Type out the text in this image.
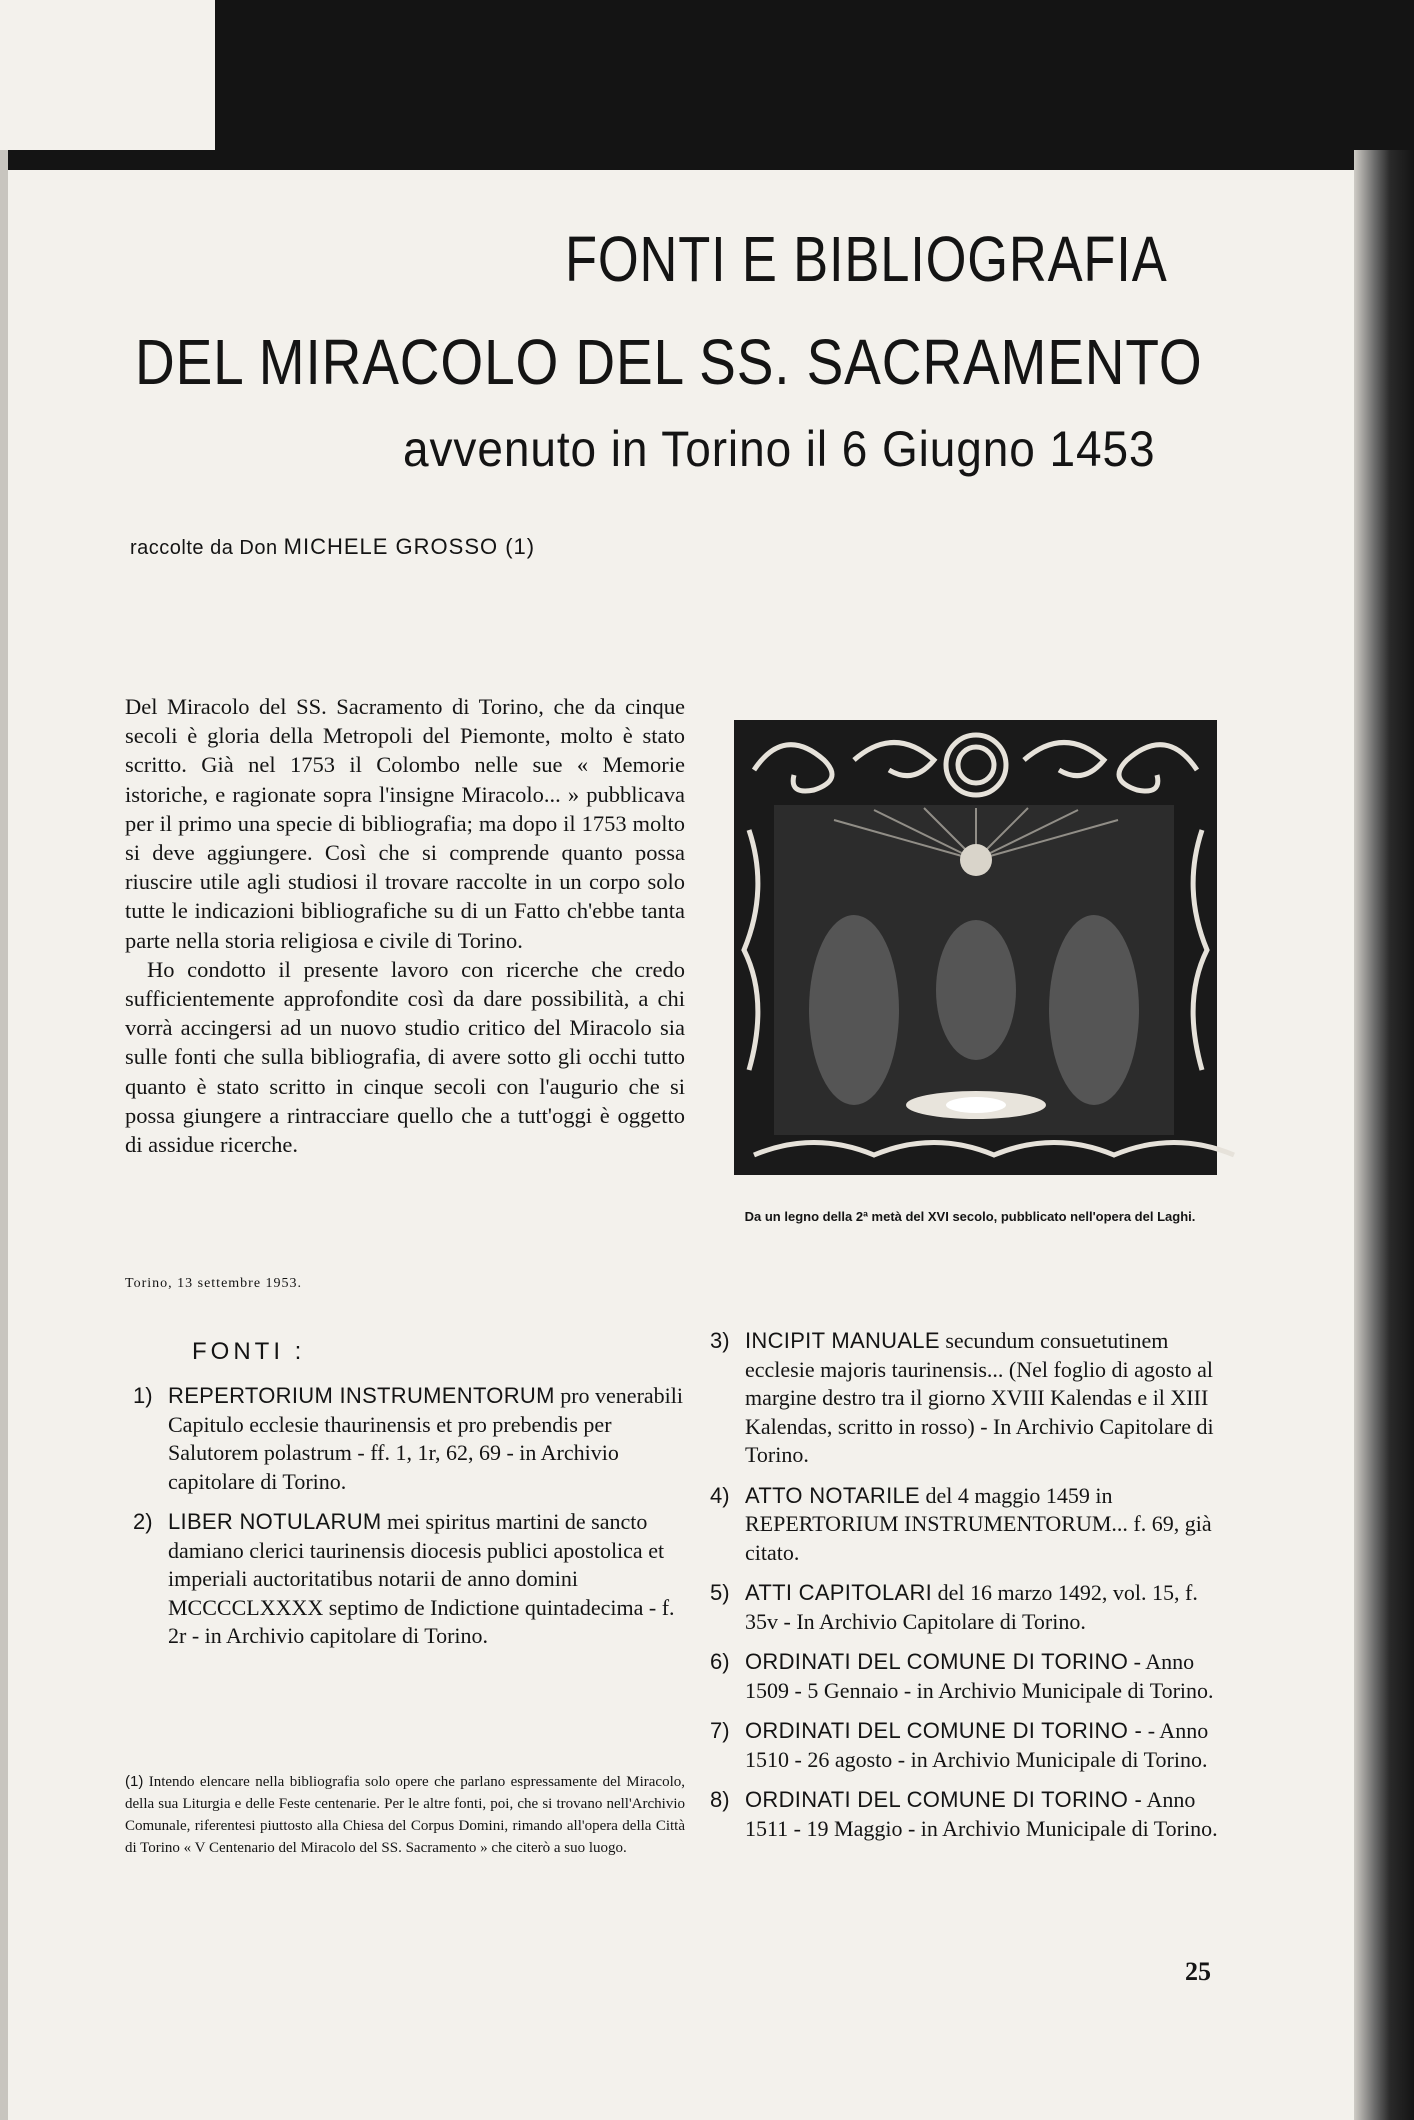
FONTI E BIBLIOGRAFIA
DEL MIRACOLO DEL SS. SACRAMENTO
avvenuto in Torino il 6 Giugno 1453
raccolte da Don MICHELE GROSSO (1)

Del Miracolo del SS. Sacramento di Torino, che da cinque secoli è gloria della Metropoli del Piemonte, molto è stato scritto. Già nel 1753 il Colombo nelle sue « Memorie istoriche, e ragionate sopra l'insigne Miracolo... » pubblicava per il primo una specie di bibliografia; ma dopo il 1753 molto si deve aggiungere. Così che si comprende quanto possa riuscire utile agli studiosi il trovare raccolte in un corpo solo tutte le indicazioni bibliografiche su di un Fatto ch'ebbe tanta parte nella storia religiosa e civile di Torino.

Ho condotto il presente lavoro con ricerche che credo sufficientemente approfondite così da dare possibilità, a chi vorrà accingersi ad un nuovo studio critico del Miracolo sia sulle fonti che sulla bibliografia, di avere sotto gli occhi tutto quanto è stato scritto in cinque secoli con l'augurio che si possa giungere a rintracciare quello che a tutt'oggi è oggetto di assidue ricerche.

Torino, 13 settembre 1953.
Da un legno della 2ª metà del XVI secolo, pubblicato nell'opera del Laghi.
FONTI :
1) REPERTORIUM INSTRUMENTORUM pro venerabili Capitulo ecclesie thaurinensis et pro prebendis per Salutorem polastrum - ff. 1, 1r, 62, 69 - in Archivio capitolare di Torino.
2) LIBER NOTULARUM mei spiritus martini de sancto damiano clerici taurinensis diocesis publici apostolica et imperiali auctoritatibus notarii de anno domini MCCCCLXXXX septimo de Indictione quintadecima - f. 2r - in Archivio capitolare di Torino.
3) INCIPIT MANUALE secundum consuetutinem ecclesie majoris taurinensis... (Nel foglio di agosto al margine destro tra il giorno XVIII Kalendas e il XIII Kalendas, scritto in rosso) - In Archivio Capitolare di Torino.
4) ATTO NOTARILE del 4 maggio 1459 in REPERTORIUM INSTRUMENTORUM... f. 69, già citato.
5) ATTI CAPITOLARI del 16 marzo 1492, vol. 15, f. 35v - In Archivio Capitolare di Torino.
6) ORDINATI DEL COMUNE DI TORINO - Anno 1509 - 5 Gennaio - in Archivio Municipale di Torino.
7) ORDINATI DEL COMUNE DI TORINO - - Anno 1510 - 26 agosto - in Archivio Municipale di Torino.
8) ORDINATI DEL COMUNE DI TORINO - Anno 1511 - 19 Maggio - in Archivio Municipale di Torino.
(1) Intendo elencare nella bibliografia solo opere che parlano espressamente del Miracolo, della sua Liturgia e delle Feste centenarie. Per le altre fonti, poi, che si trovano nell'Archivio Comunale, riferentesi piuttosto alla Chiesa del Corpus Domini, rimando all'opera della Città di Torino « V Centenario del Miracolo del SS. Sacramento » che citerò a suo luogo.
25
